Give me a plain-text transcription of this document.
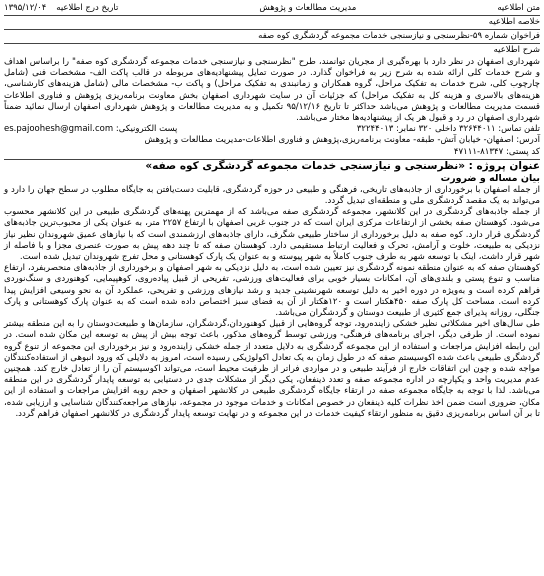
متن اطلاعیه
مدیریت مطالعات و پژوهش
تاریخ درج اطلاعیه
۱۳۹۵/۱۲/۰۴
خلاصه اطلاعیه
فراخوان شماره ۵۹-نظرسنجی و نیازسنجی خدمات مجموعه گردشگری کوه صفه
شرح اطلاعیه

شهرداری اصفهان در نظر دارد با بهره‌گیری از مجریان توانمند، طرح "نظرسنجی و نیازسنجی خدمات مجموعه گردشگری کوه صفه" را براساس اهداف و شرح خدمات کلی ارائه شده به شرح زیر به فراخوان گذارد. در صورت تمایل پیشنهادیه‌های مربوطه در قالب پاکت الف- مشخصات فنی (شامل چارچوب کلی، شرح خدمات به تفکیک مراحل، گروه همکاران و زمانبندی به تفکیک مراحل) و پاکت ب- مشخصات مالی (شامل هزینه‌های کارشناسی، هزینه‌های بالاسری و هزینه کل به تفکیک مراحل) که جزئیات آن در سایت شهرداری اصفهان بخش معاونت برنامه‌ریزی پژوهش و فناوری اطلاعات قسمت مدیریت مطالعات و پژوهش می‌باشد حداکثر تا تاریخ ۹۵/۱۲/۱۶ تکمیل و به مدیریت مطالعات و پژوهش شهرداری اصفهان ارسال نمائید ضمناً شهرداری اصفهان در رد و قبول هر یک از پیشنهادیه‌ها مختار می‌باشد.

تلفن تماس: ۳۲۶۴۴۰۱۱ داخلی ۳۲۰ نمابر: ۳۲۲۴۴۰۱۳
پست الکترونیکی: es.pajoohesh@gmail.com
آدرس: اصفهان- خیابان آتش- طبقه- معاونت برنامه‌ریزی،پژوهش و فناوری اطلاعات-مدیریت مطالعات و پژوهش
کد پستی: ۸۱۳۴۷-۴۷۱۱۱
عنوان پروژه : «نظرسنجی و نیازسنجی خدمات مجموعه گردشگری کوه صفه»
بیان مساله و ضرورت

از جمله اصفهان با برخورداری از جاذبه‌های تاریخی، فرهنگی و طبیعی در حوزه گردشگری، قابلیت دست‌یافتن به جایگاه مطلوب در سطح جهان را دارد و می‌تواند به یک مقصد گردشگری ملی و منطقه‌ای تبدیل گردد.

از جمله جاذبه‌های گردشگری در این کلانشهر، مجموعه گردشگری صفه می‌باشد که از مهمترین پهنه‌های گردشگری طبیعی در این کلانشهر محسوب می‌شود. کوهستان صفه بخشی از ارتفاعات مرکزی ایران است که در جنوب غربی اصفهان با ارتفاع ۲۲۵۷ متر، به عنوان یکی از محبوب‌ترین جاذبه‌های گردشگری قرار دارد. کوه صفه به دلیل برخورداری از ساختار طبیعی شگرف، دارای جاذبه‌های ارزشمندی است که با نیازهای عمیق شهروندان نظیر نیاز نزدیکی به طبیعت، خلوت و آرامش، تحرک و فعالیت ارتباط مستقیمی دارد. کوهستان صفه که تا چند دهه پیش به صورت عنصری مجزا و با فاصله از شهر قرار داشت، اینک با توسعه شهر به طرف جنوب کاملاً به شهر پیوسته و به عنوان یک پارک کوهستانی و محل تفرج شهروندان تبدیل شده است.

کوهستان صفه که به عنوان منطقه نمونه گردشگری نیز تعیین شده است، به دلیل نزدیکی به شهر اصفهان و برخورداری از جاذبه‌های منحصربفرد، ارتفاع مناسب و تنوع پستی و بلندی‌های آن، امکانات بسیار خوبی برای فعالیت‌های ورزشی، تفریحی از قبیل پیاده‌روی، کوهپیمایی، کوهنوردی و سنگ‌نوردی فراهم کرده است و به‌ویژه در دوره اخیر به دلیل توسعه شهرنشینی جدید و رشد نیازهای ورزشی و تفریحی، عملکرد آن به نحو وسیعی افزایش پیدا کرده است. مساحت کل پارک صفه ۴۵۰هکتار است و ۱۲۰هکتار از آن به فضای سبز اختصاص داده شده است که به عنوان پارک کوهستانی و پارک جنگلی، روزانه پذیرای جمع کثیری از طبیعت دوستان و گردشگران می‌باشد.

طی سال‌های اخیر مشکلاتی نظیر خشکی زاینده‌رود، توجه گروه‌هایی از قبیل کوهنوردان،گردشگران، سازمان‌ها و طبیعت‌دوستان را به این منطقه بیشتر نموده است. از طرفی دیگر، اجرای برنامه‌های فرهنگی- ورزشی توسط گروه‌های مذکور، باعث توجه بیش از پیش به توسعه این مکان شده است. در این رابطه افزایش مراجعات و استفاده از این مجموعه گردشگری به دلایل متعدد از جمله خشکی زاینده‌رود و نیز برخورداری این مجموعه از تنوع گروه گردشگری طبیعی باعث شده اکوسیستم صفه که در طول زمان به یک تعادل اکولوژیکی رسیده است، امروز به دلایلی که ورود انبوهی از استفاده‌کنندگان مواجه شده و چون این اتفاقات خارج از فرآیند طبیعی و در مواردی فراتر از ظرفیت محیط است، می‌تواند اکوسیستم آن را از تعادل خارج کند. همچنین عدم مدیریت واحد و یکپارچه در اداره مجموعه صفه و تعدد ذینفعان، یکی دیگر از مشکلات جدی در دستیابی به توسعه پایدار گردشگری در این منطقه می‌باشد. لذا با توجه به جایگاه مجموعه صفه در ارتقاء جایگاه گردشگری طبیعی در کلانشهر اصفهان و حجم روبه افزایش مراجعات و استفاده از این مکان، ضروری است ضمن اخذ نظرات کلیه ذینفعان در خصوص امکانات و خدمات موجود در مجموعه، نیازهای مراجعه‌کنندگان شناسایی و ارزیابی شده، تا بر آن اساس برنامه‌ریزی دقیق به منظور ارتقاء کیفیت خدمات در این مجموعه و در نهایت توسعه پایدار گردشگری در کلانشهر اصفهان فراهم گردد.
